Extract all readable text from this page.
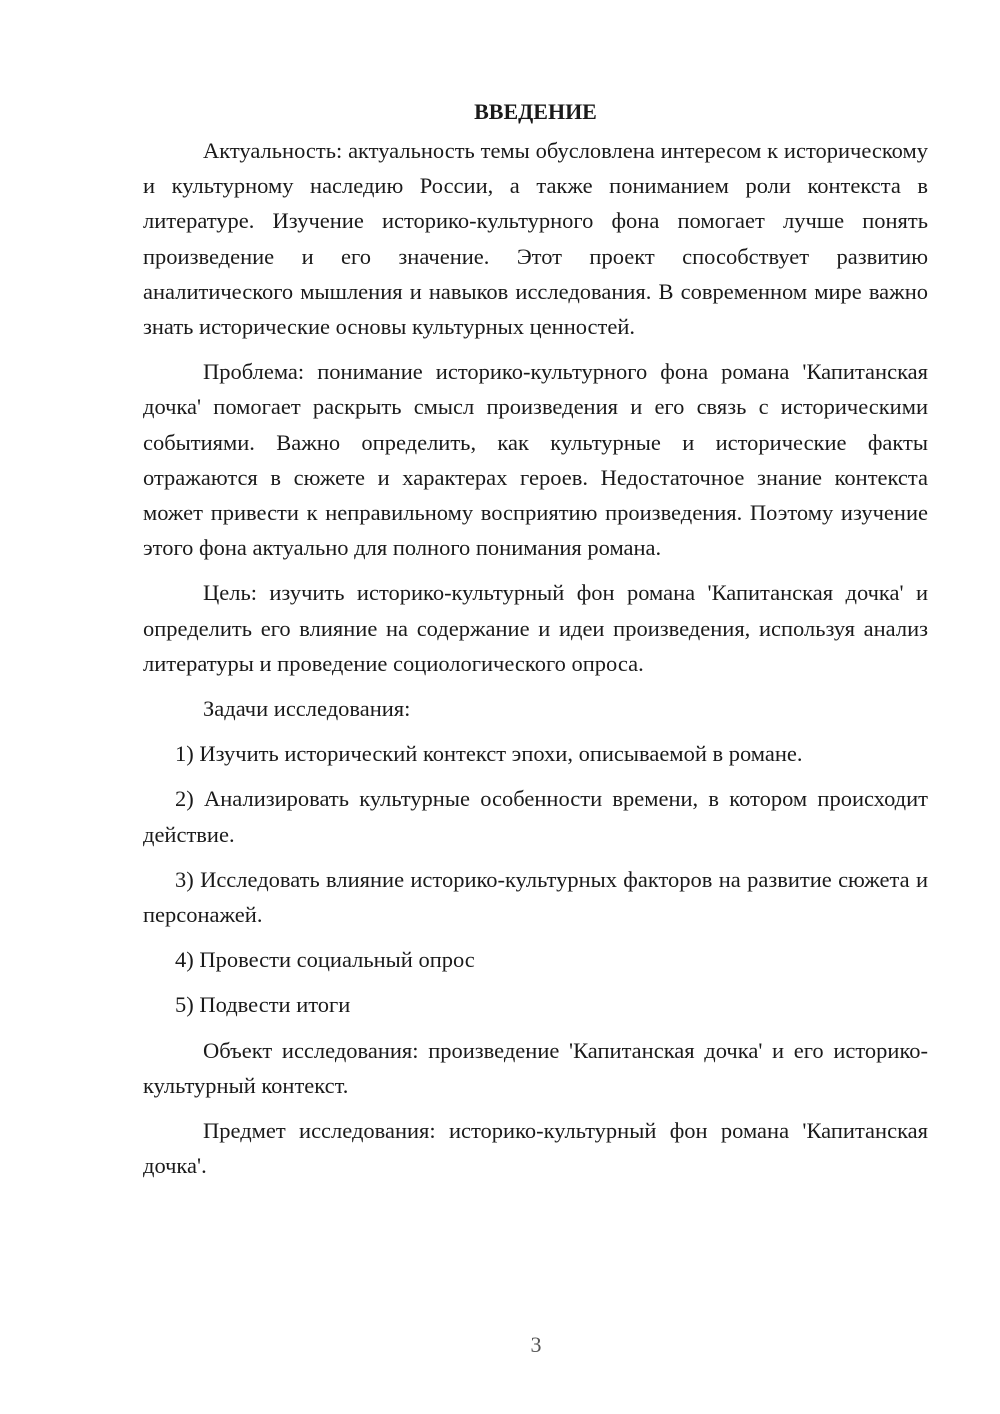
ВВЕДЕНИЕ

Актуальность: актуальность темы обусловлена интересом к историческому и культурному наследию России, а также пониманием роли контекста в литературе. Изучение историко-культурного фона помогает лучше понять произведение и его значение. Этот проект способствует развитию аналитического мышления и навыков исследования. В современном мире важно знать исторические основы культурных ценностей.

Проблема: понимание историко-культурного фона романа 'Капитанская дочка' помогает раскрыть смысл произведения и его связь с историческими событиями. Важно определить, как культурные и исторические факты отражаются в сюжете и характерах героев. Недостаточное знание контекста может привести к неправильному восприятию произведения. Поэтому изучение этого фона актуально для полного понимания романа.

Цель: изучить историко-культурный фон романа 'Капитанская дочка' и определить его влияние на содержание и идеи произведения, используя анализ литературы и проведение социологического опроса.

Задачи исследования:

1) Изучить исторический контекст эпохи, описываемой в романе.

2) Анализировать культурные особенности времени, в котором происходит действие.

3) Исследовать влияние историко-культурных факторов на развитие сюжета и персонажей.

4) Провести социальный опрос

5) Подвести итоги

Объект исследования: произведение 'Капитанская дочка' и его историко-культурный контекст.

Предмет исследования: историко-культурный фон романа 'Капитанская дочка'.

3
